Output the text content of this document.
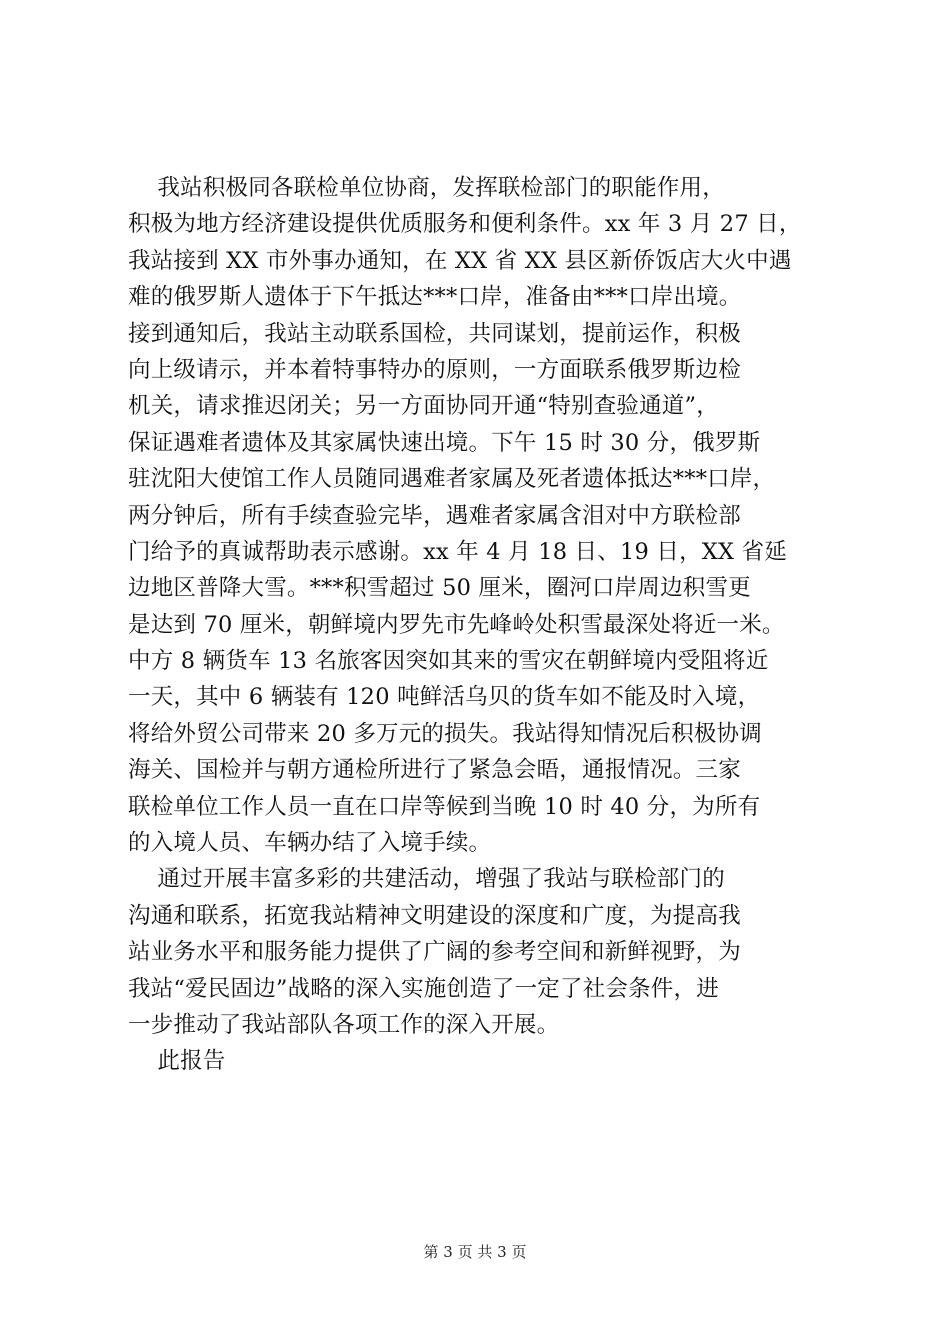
我站积极同各联检单位协商，发挥联检部门的职能作用，
积极为地方经济建设提供优质服务和便利条件。xx 年 3 月 27 日，
我站接到 XX 市外事办通知，在 XX 省 XX 县区新侨饭店大火中遇
难的俄罗斯人遗体于下午抵达***口岸，准备由***口岸出境。
接到通知后，我站主动联系国检，共同谋划，提前运作，积极
向上级请示，并本着特事特办的原则，一方面联系俄罗斯边检
机关，请求推迟闭关；另一方面协同开通“特别查验通道”，
保证遇难者遗体及其家属快速出境。下午 15 时 30 分，俄罗斯
驻沈阳大使馆工作人员随同遇难者家属及死者遗体抵达***口岸，
两分钟后，所有手续查验完毕，遇难者家属含泪对中方联检部
门给予的真诚帮助表示感谢。xx 年 4 月 18 日、19 日，XX 省延
边地区普降大雪。***积雪超过 50 厘米，圈河口岸周边积雪更
是达到 70 厘米，朝鲜境内罗先市先峰岭处积雪最深处将近一米。
中方 8 辆货车 13 名旅客因突如其来的雪灾在朝鲜境内受阻将近
一天，其中 6 辆装有 120 吨鲜活乌贝的货车如不能及时入境，
将给外贸公司带来 20 多万元的损失。我站得知情况后积极协调
海关、国检并与朝方通检所进行了紧急会晤，通报情况。三家
联检单位工作人员一直在口岸等候到当晚 10 时 40 分，为所有
的入境人员、车辆办结了入境手续。
通过开展丰富多彩的共建活动，增强了我站与联检部门的
沟通和联系，拓宽我站精神文明建设的深度和广度，为提高我
站业务水平和服务能力提供了广阔的参考空间和新鲜视野，为
我站“爱民固边”战略的深入实施创造了一定了社会条件，进
一步推动了我站部队各项工作的深入开展。
此报告
第 3 页 共 3 页
